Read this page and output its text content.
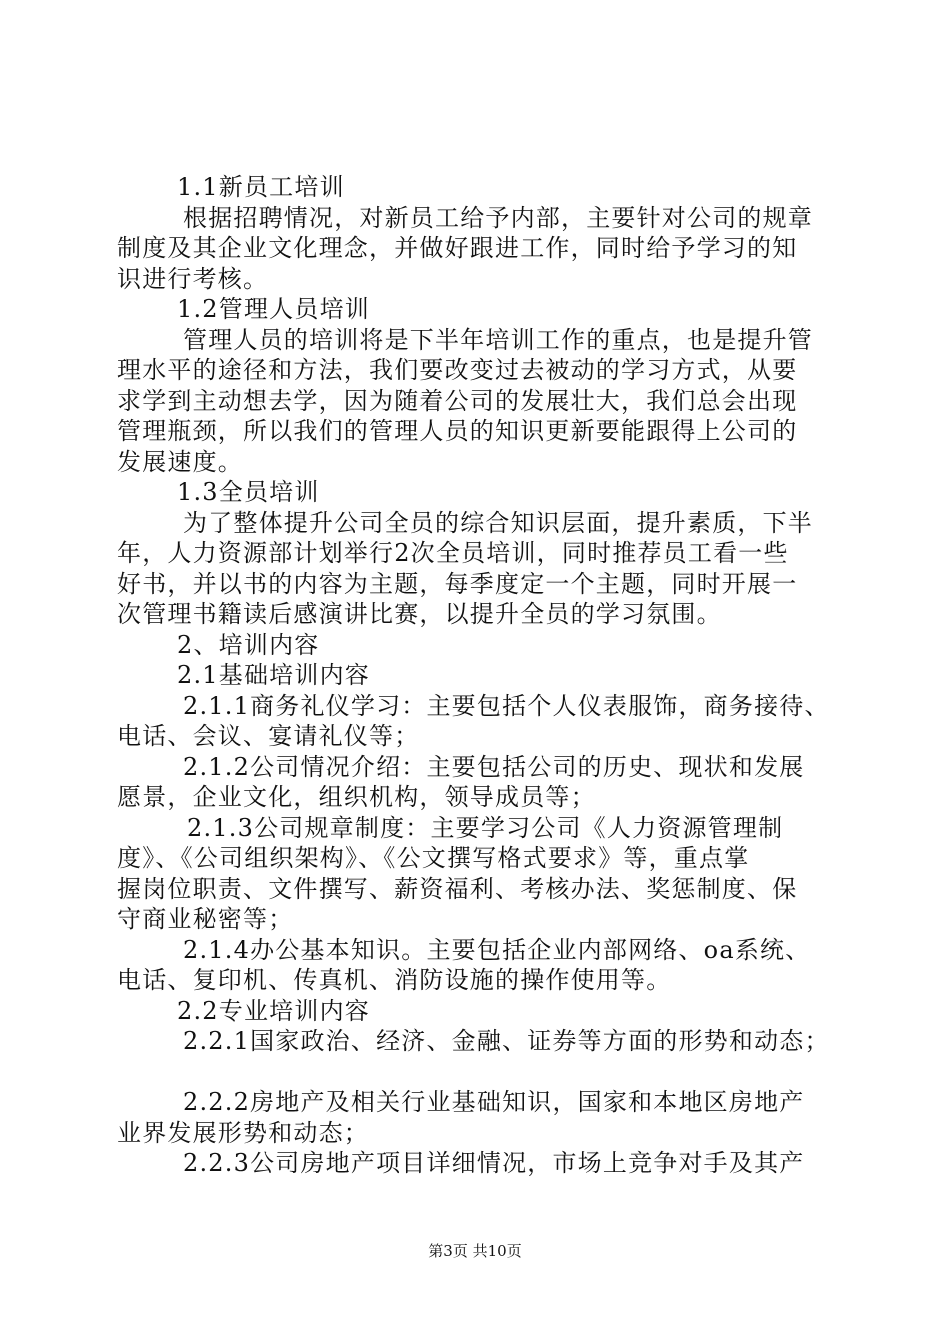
1.1新员工培训
根据招聘情况，对新员工给予内部，主要针对公司的规章
制度及其企业文化理念，并做好跟进工作，同时给予学习的知
识进行考核。
1.2管理人员培训
管理人员的培训将是下半年培训工作的重点，也是提升管
理水平的途径和方法，我们要改变过去被动的学习方式，从要
求学到主动想去学，因为随着公司的发展壮大，我们总会出现
管理瓶颈，所以我们的管理人员的知识更新要能跟得上公司的
发展速度。
1.3全员培训
为了整体提升公司全员的综合知识层面，提升素质，下半
年，人力资源部计划举行2次全员培训，同时推荐员工看一些
好书，并以书的内容为主题，每季度定一个主题，同时开展一
次管理书籍读后感演讲比赛，以提升全员的学习氛围。
2、培训内容
2.1基础培训内容
2.1.1商务礼仪学习：主要包括个人仪表服饰，商务接待、
电话、会议、宴请礼仪等；
2.1.2公司情况介绍：主要包括公司的历史、现状和发展
愿景，企业文化，组织机构，领导成员等；
2.1.3公司规章制度：主要学习公司《人力资源管理制
度》、《公司组织架构》、《公文撰写格式要求》等，重点掌
握岗位职责、文件撰写、薪资福利、考核办法、奖惩制度、保
守商业秘密等；
2.1.4办公基本知识。主要包括企业内部网络、oa系统、
电话、复印机、传真机、消防设施的操作使用等。
2.2专业培训内容
2.2.1国家政治、经济、金融、证券等方面的形势和动态；
2.2.2房地产及相关行业基础知识，国家和本地区房地产
业界发展形势和动态；
2.2.3公司房地产项目详细情况，市场上竞争对手及其产
第3页 共10页
